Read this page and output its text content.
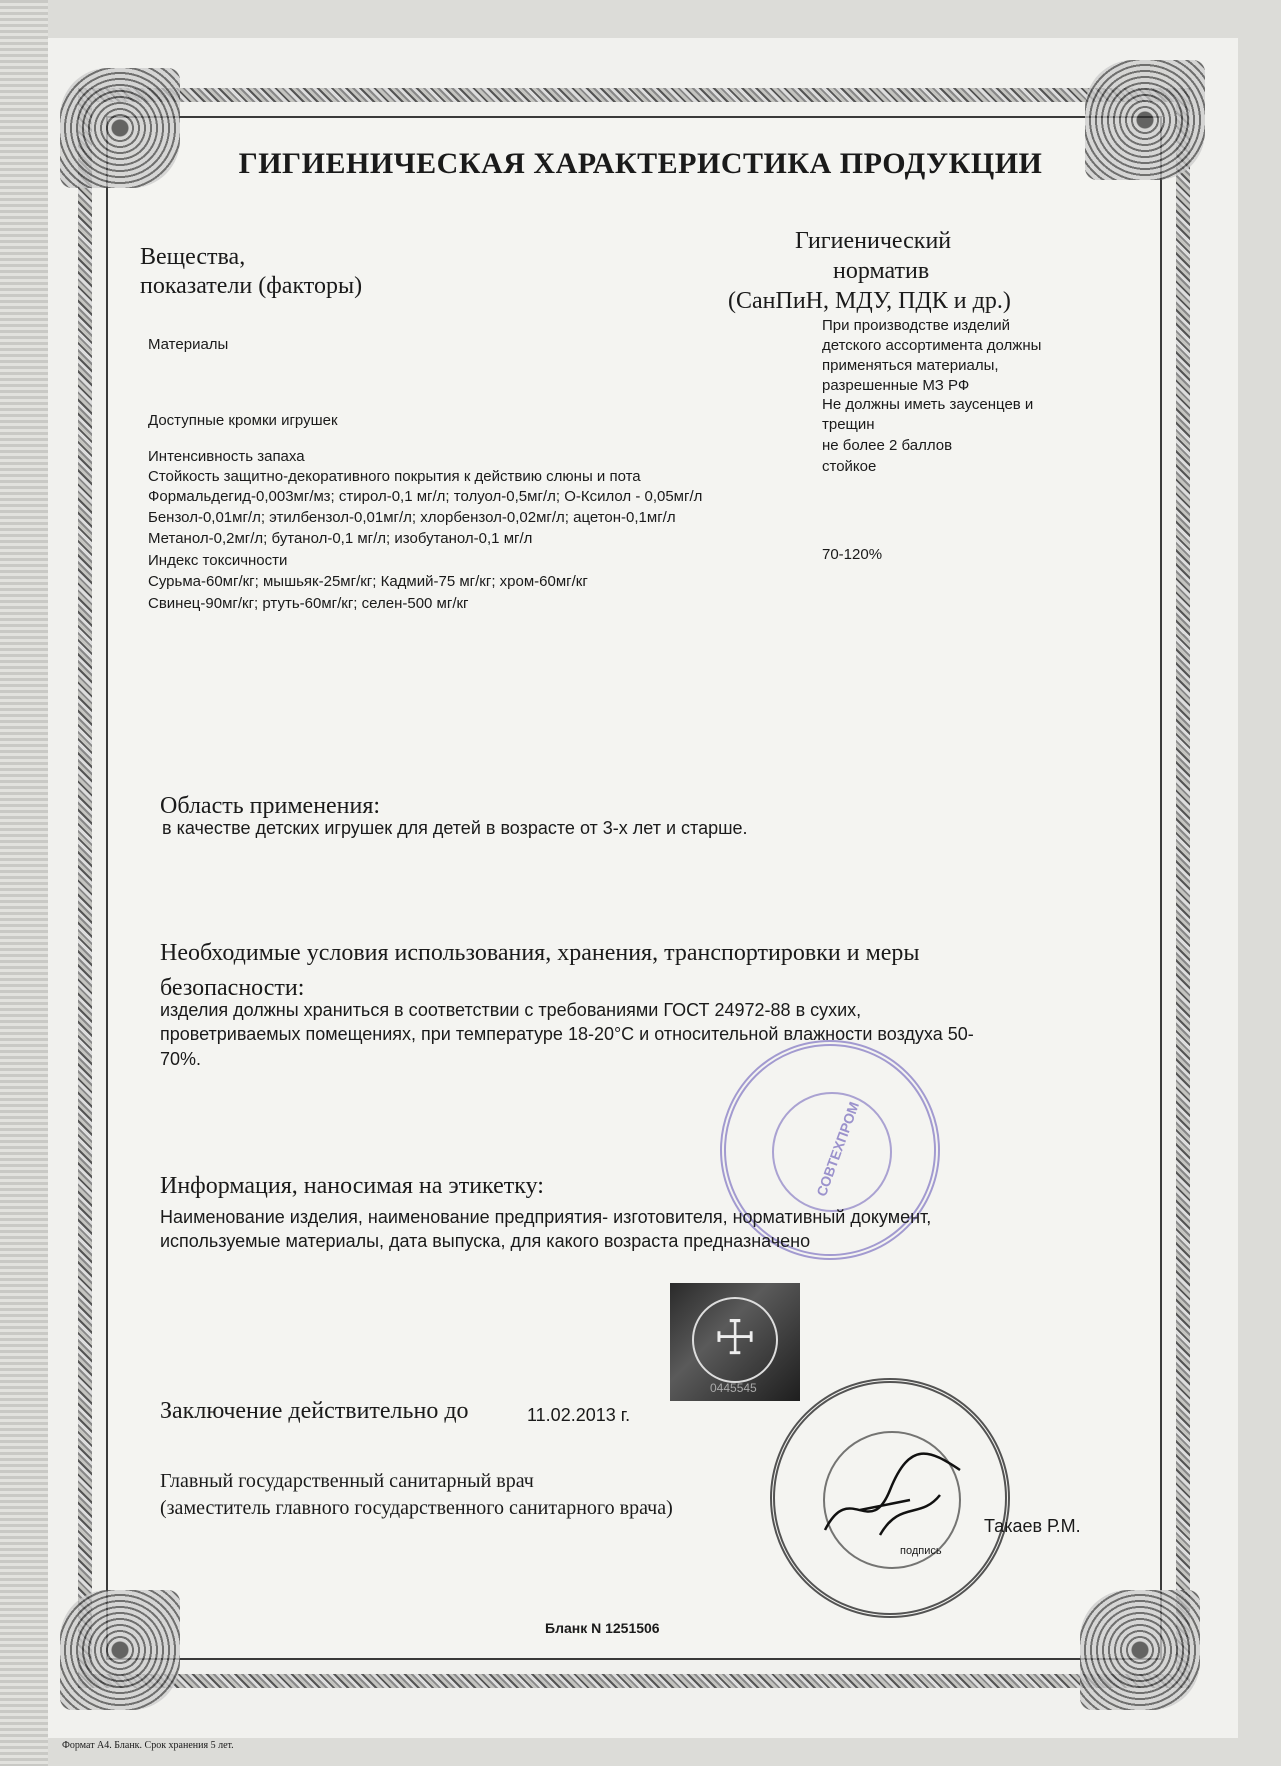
ГИГИЕНИЧЕСКАЯ ХАРАКТЕРИСТИКА ПРОДУКЦИИ
Вещества,
показатели (факторы)
Гигиенический
норматив
(СанПиН, МДУ, ПДК и др.)
Материалы
Доступные кромки игрушек
Интенсивность запаха
Стойкость защитно-декоративного покрытия к действию слюны и пота
Формальдегид-0,003мг/мз; стирол-0,1 мг/л; толуол-0,5мг/л; О-Ксилол - 0,05мг/л
Бензол-0,01мг/л; этилбензол-0,01мг/л; хлорбензол-0,02мг/л; ацетон-0,1мг/л
Метанол-0,2мг/л; бутанол-0,1 мг/л; изобутанол-0,1 мг/л
Индекс токсичности
Сурьма-60мг/кг; мышьяк-25мг/кг; Кадмий-75 мг/кг; хром-60мг/кг
Свинец-90мг/кг; ртуть-60мг/кг; селен-500 мг/кг
При производстве изделий детского ассортимента должны применяться материалы, разрешенные МЗ РФ
Не должны иметь заусенцев и трещин
не более 2 баллов
стойкое
70-120%
Область применения:
в качестве детских игрушек для детей в возрасте от 3-х лет и старше.
Необходимые условия использования, хранения, транспортировки и меры
безопасности:
изделия должны храниться в соответствии с требованиями ГОСТ 24972-88 в сухих,
проветриваемых помещениях, при температуре 18-20°С и относительной влажности воздуха 50-
70%.
СОВТЕХПРОМ
Информация, наносимая на этикетку:
Наименование изделия, наименование предприятия- изготовителя, нормативный документ,
используемые материалы, дата выпуска, для какого возраста предназначено
☩
0445545
Заключение действительно до	11.02.2013 г.
Главный государственный санитарный врач
(заместитель главного государственного санитарного врача)
подпись
Такаев Р.М.
Бланк N 1251506
Формат А4. Бланк. Срок хранения 5 лет.
